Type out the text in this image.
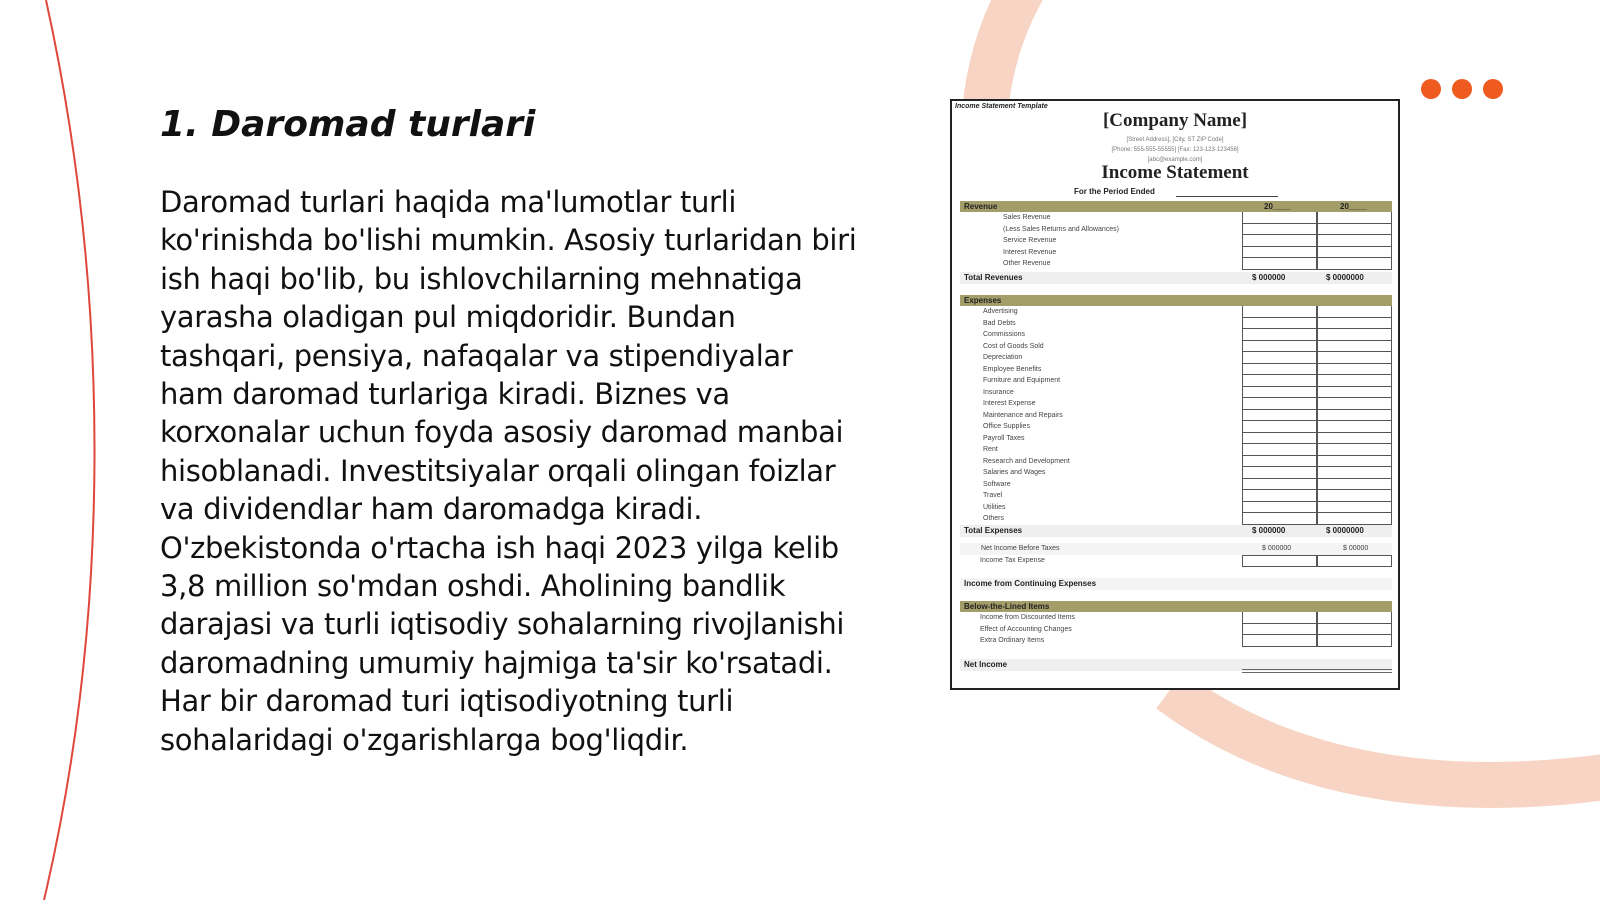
1. Daromad turlari

Daromad turlari haqida ma'lumotlar turli ko'rinishda bo'lishi mumkin. Asosiy turlaridan biri ish haqi bo'lib, bu ishlovchilarning mehnatiga yarasha oladigan pul miqdoridir. Bundan tashqari, pensiya, nafaqalar va stipendiyalar ham daromad turlariga kiradi. Biznes va korxonalar uchun foyda asosiy daromad manbai hisoblanadi. Investitsiyalar orqali olingan foizlar va dividendlar ham daromadga kiradi. O'zbekistonda o'rtacha ish haqi 2023 yilga kelib 3,8 million so'mdan oshdi. Aholining bandlik darajasi va turli iqtisodiy sohalarning rivojlanishi daromadning umumiy hajmiga ta'sir ko'rsatadi. Har bir daromad turi iqtisodiyotning turli sohalaridagi o'zgarishlarga bog'liqdir.

Income Statement Template
[Company Name]
[Street Address], [City, ST ZIP Code]
[Phone: 555-555-55555] [Fax: 123-123-123456]
[abc@example.com]
Income Statement
For the Period Ended
Revenue	20____	20____
Sales Revenue
(Less Sales Returns and Allowances)
Service Revenue
Interest Revenue
Other Revenue
Total Revenues	$ 000000	$ 0000000
Expenses
Advertising
Bad Debts
Commissions
Cost of Goods Sold
Depreciation
Employee Benefits
Furniture and Equipment
Insurance
Interest Expense
Maintenance and Repairs
Office Supplies
Payroll Taxes
Rent
Research and Development
Salaries and Wages
Software
Travel
Utilities
Others
Total Expenses	$ 000000	$ 0000000
Net Income Before Taxes	$ 000000	$ 00000
Income Tax Expense
Income from Continuing Expenses
Below-the-Lined Items
Income from Discounted Items
Effect of Accounting Changes
Extra Ordinary Items
Net Income
